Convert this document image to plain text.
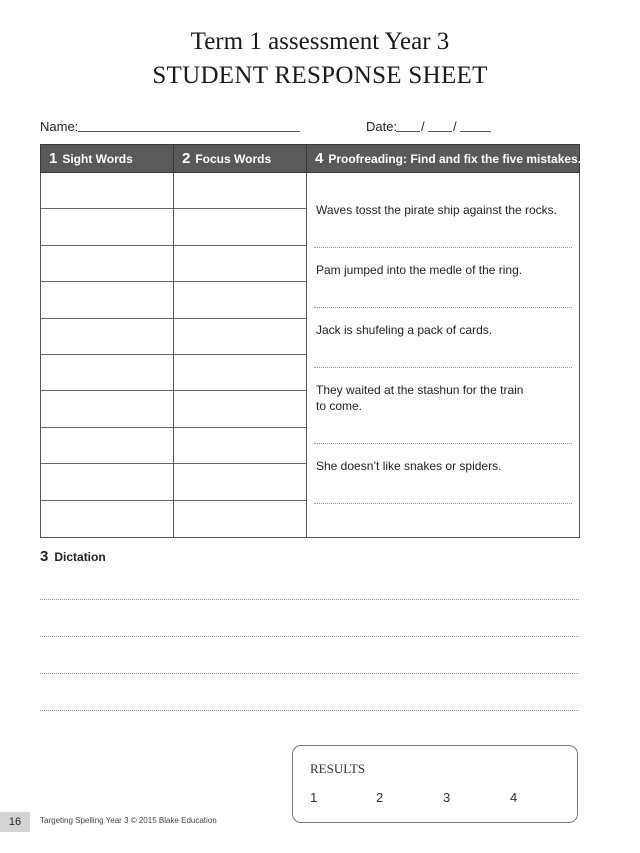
Term 1 assessment Year 3
STUDENT RESPONSE SHEET
Name:	Date: / /
1 Sight Words	2 Focus Words	4 Proofreading: Find and fix the five mistakes.

		Waves tosst the pirate ship against the rocks.
Pam jumped into the medle of the ring.
Jack is shufeling a pack of cards.
They waited at the stashun for the train to come.
She doesn’t like snakes or spiders.
3 Dictation
RESULTS
1	2	3	4
16	Targeting Spelling Year 3 © 2015 Blake Education
